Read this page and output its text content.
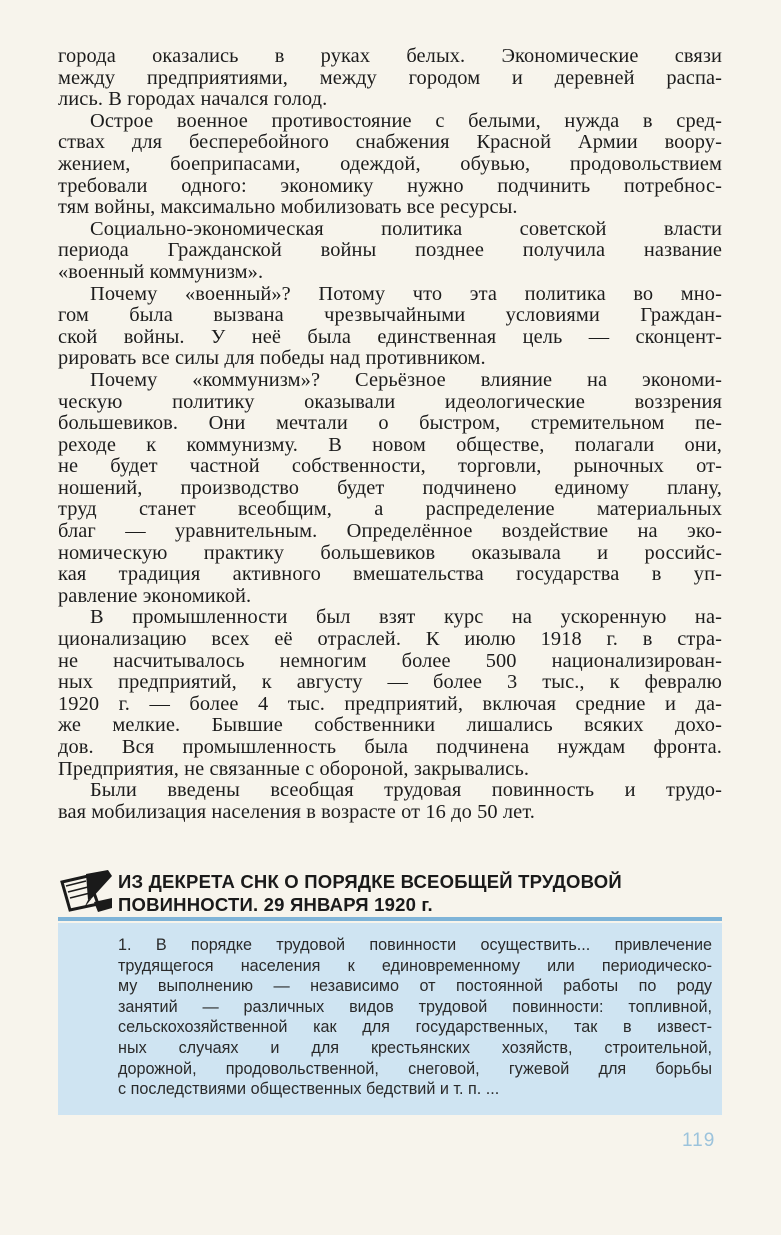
города оказались в руках белых. Экономические связи
между предприятиями, между городом и деревней распа-
лись. В городах начался голод.

Острое военное противостояние с белыми, нужда в сред-
ствах для бесперебойного снабжения Красной Армии воору-
жением, боеприпасами, одеждой, обувью, продовольствием
требовали одного: экономику нужно подчинить потребнос-
тям войны, максимально мобилизовать все ресурсы.

Социально-экономическая политика советской власти
периода Гражданской войны позднее получила название
«военный коммунизм».

Почему «военный»? Потому что эта политика во мно-
гом была вызвана чрезвычайными условиями Граждан-
ской войны. У неё была единственная цель — сконцент-
рировать все силы для победы над противником.

Почему «коммунизм»? Серьёзное влияние на экономи-
ческую политику оказывали идеологические воззрения
большевиков. Они мечтали о быстром, стремительном пе-
реходе к коммунизму. В новом обществе, полагали они,
не будет частной собственности, торговли, рыночных от-
ношений, производство будет подчинено единому плану,
труд станет всеобщим, а распределение материальных
благ — уравнительным. Определённое воздействие на эко-
номическую практику большевиков оказывала и российс-
кая традиция активного вмешательства государства в уп-
равление экономикой.

В промышленности был взят курс на ускоренную на-
ционализацию всех её отраслей. К июлю 1918 г. в стра-
не насчитывалось немногим более 500 национализирован-
ных предприятий, к августу — более 3 тыс., к февралю
1920 г. — более 4 тыс. предприятий, включая средние и да-
же мелкие. Бывшие собственники лишались всяких дохо-
дов. Вся промышленность была подчинена нуждам фронта.
Предприятия, не связанные с обороной, закрывались.

Были введены всеобщая трудовая повинность и трудо-
вая мобилизация населения в возрасте от 16 до 50 лет.

ИЗ ДЕКРЕТА СНК О ПОРЯДКЕ ВСЕОБЩЕЙ ТРУДОВОЙ
ПОВИННОСТИ. 29 ЯНВАРЯ 1920 г.
1. В порядке трудовой повинности осуществить... привлечение
трудящегося населения к единовременному или периодическо-
му выполнению — независимо от постоянной работы по роду
занятий — различных видов трудовой повинности: топливной,
сельскохозяйственной как для государственных, так в извест-
ных случаях и для крестьянских хозяйств, строительной,
дорожной, продовольственной, снеговой, гужевой для борьбы
с последствиями общественных бедствий и т. п. ...
119
